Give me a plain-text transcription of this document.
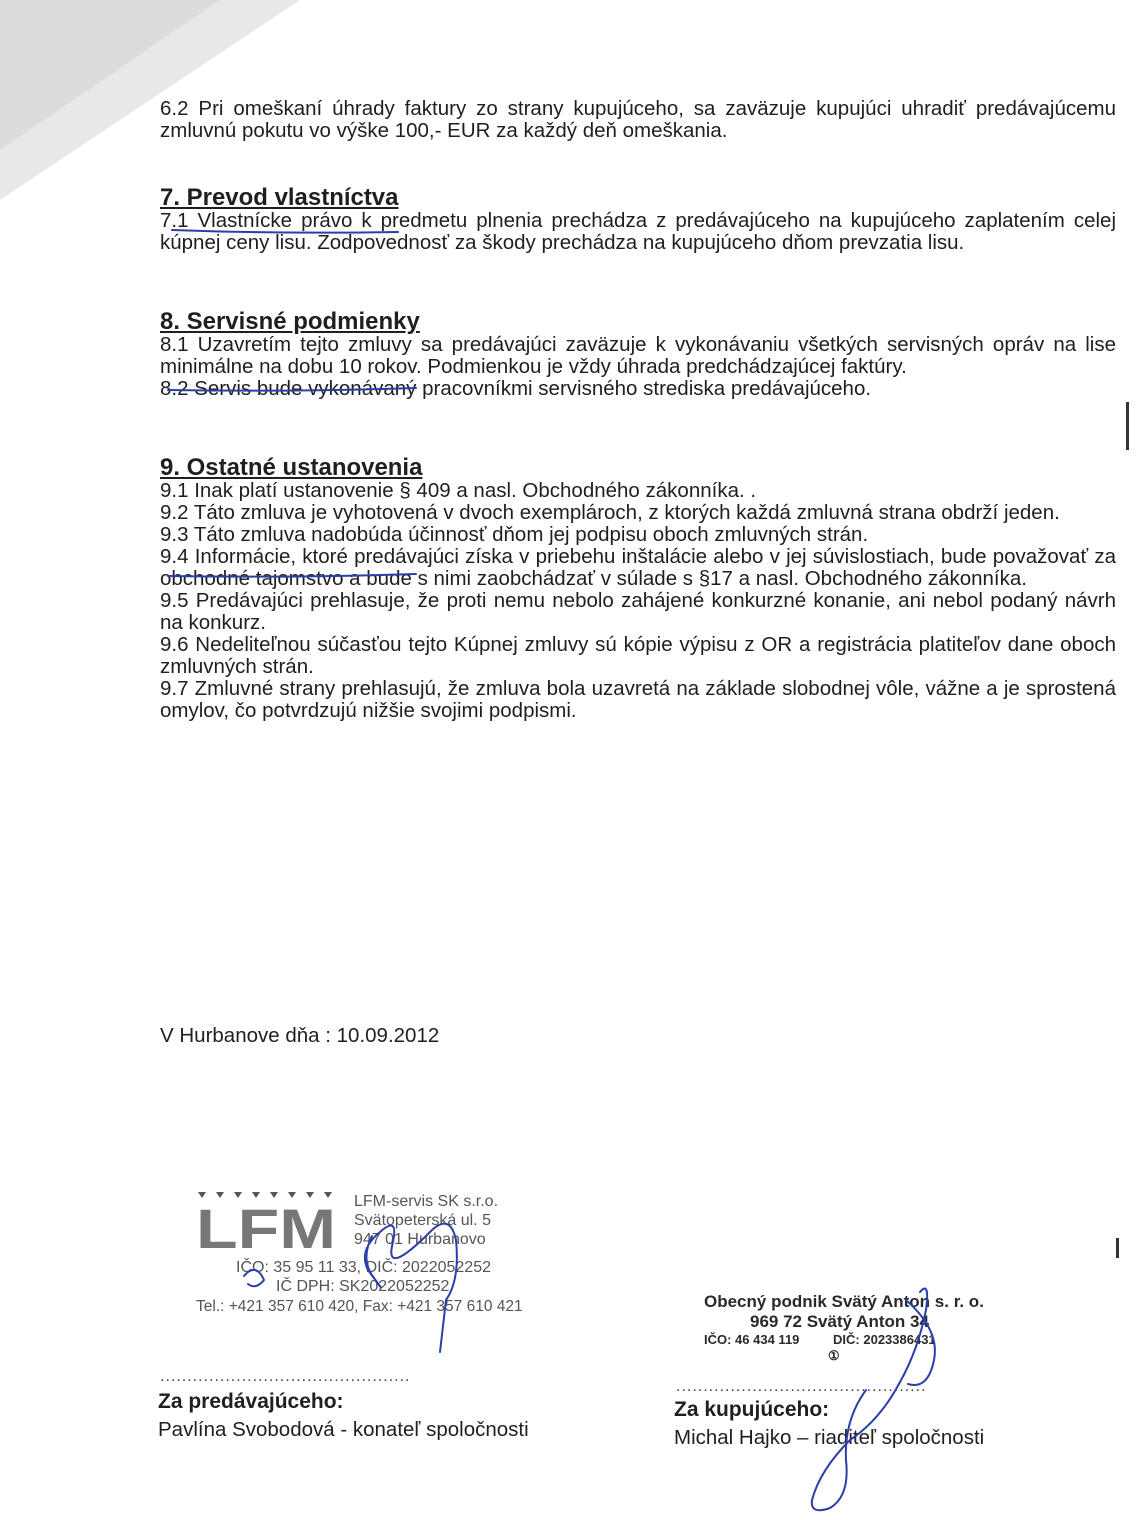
6.2 Pri omeškaní úhrady faktury zo strany kupujúceho, sa zaväzuje kupujúci uhradiť predávajúcemu zmluvnú pokutu vo výške 100,- EUR za každý deň omeškania.

7. Prevod vlastníctva

7.1 Vlastnícke právo k predmetu plnenia prechádza z predávajúceho na kupujúceho zaplatením celej kúpnej ceny lisu. Zodpovednosť za škody prechádza na kupujúceho dňom prevzatia lisu.

8. Servisné podmienky

8.1 Uzavretím tejto zmluvy sa predávajúci zaväzuje k vykonávaniu všetkých servisných opráv na lise minimálne na dobu 10 rokov. Podmienkou je vždy úhrada predchádzajúcej faktúry.

8.2 Servis bude vykonávaný pracovníkmi servisného strediska predávajúceho.

9. Ostatné ustanovenia

9.1 Inak platí ustanovenie § 409 a nasl. Obchodného zákonníka. .

9.2 Táto zmluva je vyhotovená v dvoch exemplároch, z ktorých každá zmluvná strana obdrží jeden.

9.3 Táto zmluva nadobúda účinnosť dňom jej podpisu oboch zmluvných strán.

9.4 Informácie, ktoré predávajúci získa v priebehu inštalácie alebo v jej súvislostiach, bude považovať za obchodné tajomstvo a bude s nimi zaobchádzať v súlade s §17 a nasl. Obchodného zákonníka.

9.5 Predávajúci prehlasuje, že proti nemu nebolo zahájené konkurzné konanie, ani nebol podaný návrh na konkurz.

9.6 Nedeliteľnou súčasťou tejto Kúpnej zmluvy sú kópie výpisu z OR a registrácia platiteľov dane oboch zmluvných strán.

9.7 Zmluvné strany prehlasujú, že zmluva bola uzavretá na základe slobodnej vôle, vážne a je sprostená omylov, čo potvrdzujú nižšie svojimi podpismi.

V Hurbanove dňa : 10.09.2012
LFM LFM-servis SK s.r.o.
Svätopeterská ul. 5
947 01 Hurbanovo
IČO: 35 95 11 33, DIČ: 2022052252
IČ DPH: SK2022052252
Tel.: +421 357 610 420, Fax: +421 357 610 421	Obecný podnik Svätý Anton s. r. o.
969 72 Svätý Anton 34
IČO: 46 434 119	DIČ: 2023386431
①
..............................................
..............................................
Za predávajúceho:
Pavlína Svobodová - konateľ spoločnosti
Za kupujúceho:
Michal Hajko – riaditeľ spoločnosti
